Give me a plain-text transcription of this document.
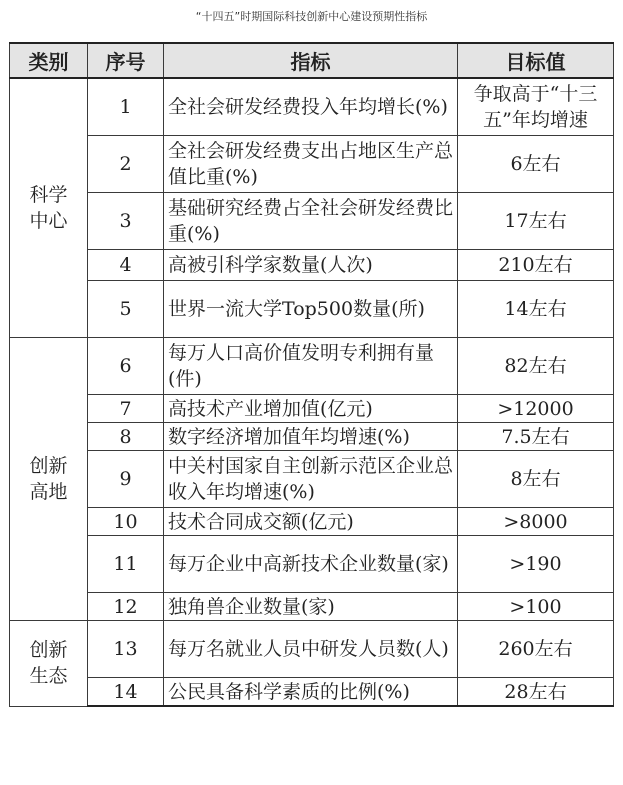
“十四五”时期国际科技创新中心建设预期性指标
类别	序号	指标	目标值

科学
中心	1	全社会研发经费投入年均增长(%)	争取高于“十三五”年均增速
	2	全社会研发经费支出占地区生产总值比重(%)	6左右
	3	基础研究经费占全社会研发经费比重(%)	17左右
	4	高被引科学家数量(人次)	210左右
	5	世界一流大学Top500数量(所)	14左右

创新
高地	6	每万人口高价值发明专利拥有量(件)	82左右
	7	高技术产业增加值(亿元)	>12000
	8	数字经济增加值年均增速(%)	7.5左右
	9	中关村国家自主创新示范区企业总收入年均增速(%)	8左右
	10	技术合同成交额(亿元)	>8000
	11	每万企业中高新技术企业数量(家)	>190
	12	独角兽企业数量(家)	>100

创新
生态	13	每万名就业人员中研发人员数(人)	260左右
	14	公民具备科学素质的比例(%)	28左右
